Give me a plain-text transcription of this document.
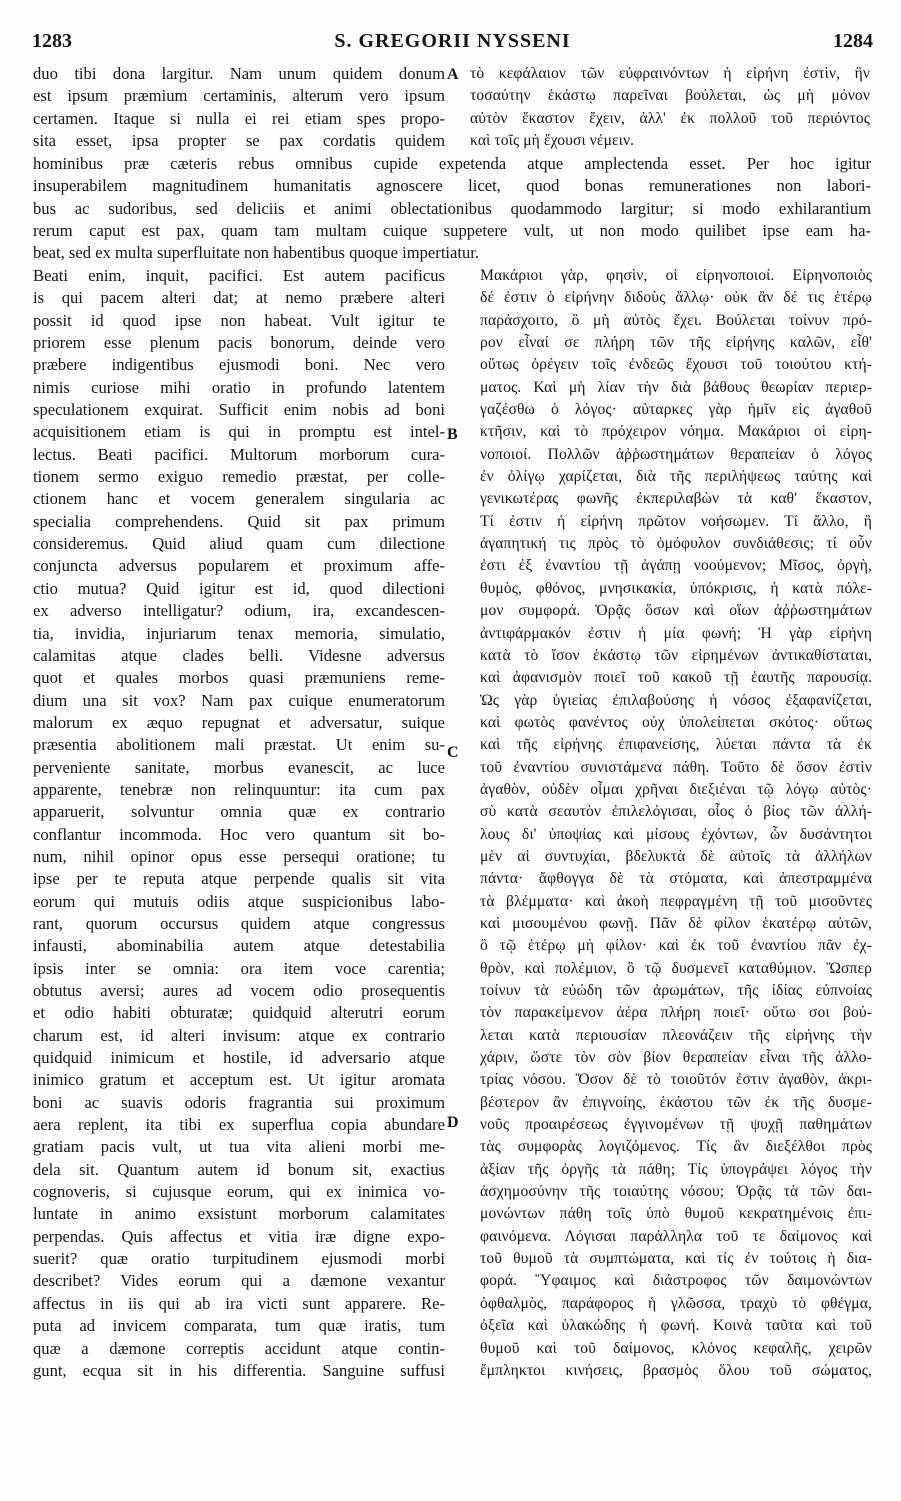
1283	S. GREGORII NYSSENI	1284
duo tibi dona largitur. Nam unum quidem donum
est ipsum præmium certaminis, alterum vero ipsum
certamen. Itaque si nulla ei rei etiam spes propo-
sita esset, ipsa propter se pax cordatis quidem
τὸ κεφάλαιον τῶν εὐφραινόντων ἡ εἰρήνη ἐστὶν, ἣν
τοσαύτην ἑκάστῳ παρεῖναι βούλεται, ὡς μὴ μόνον
αὐτὸν ἕκαστον ἔχειν, ἀλλ' ἐκ πολλοῦ τοῦ περιόντος
καὶ τοῖς μὴ ἔχουσι νέμειν.
hominibus præ cæteris rebus omnibus cupide expetenda atque amplectenda esset. Per hoc igitur
insuperabilem magnitudinem humanitatis agnoscere licet, quod bonas remunerationes non labori-
bus ac sudoribus, sed deliciis et animi oblectationibus quodammodo largitur; si modo exhilarantium
rerum caput est pax, quam tam multam cuique suppetere vult, ut non modo quilibet ipse eam ha-
beat, sed ex multa superfluitate non habentibus quoque impertiatur.
Beati enim, inquit, pacifici. Est autem pacificus
is qui pacem alteri dat; at nemo præbere alteri
possit id quod ipse non habeat. Vult igitur te
priorem esse plenum pacis bonorum, deinde vero
præbere indigentibus ejusmodi boni. Nec vero
nimis curiose mihi oratio in profundo latentem
speculationem exquirat. Sufficit enim nobis ad boni
acquisitionem etiam is qui in promptu est intel-
lectus. Beati pacifici. Multorum morborum cura-
tionem sermo exiguo remedio præstat, per colle-
ctionem hanc et vocem generalem singularia ac
specialia comprehendens. Quid sit pax primum
consideremus. Quid aliud quam cum dilectione
conjuncta adversus popularem et proximum affe-
ctio mutua? Quid igitur est id, quod dilectioni
ex adverso intelligatur? odium, ira, excandescen-
tia, invidia, injuriarum tenax memoria, simulatio,
calamitas atque clades belli. Videsne adversus
quot et quales morbos quasi præmuniens reme-
dium una sit vox? Nam pax cuique enumeratorum
malorum ex æquo repugnat et adversatur, suique
præsentia abolitionem mali præstat. Ut enim su-
perveniente sanitate, morbus evanescit, ac luce
apparente, tenebræ non relinquuntur: ita cum pax
apparuerit, solvuntur omnia quæ ex contrario
conflantur incommoda. Hoc vero quantum sit bo-
num, nihil opinor opus esse persequi oratione; tu
ipse per te reputa atque perpende qualis sit vita
eorum qui mutuis odiis atque suspicionibus labo-
rant, quorum occursus quidem atque congressus
infausti, abominabilia autem atque detestabilia
ipsis inter se omnia: ora item voce carentia;
obtutus aversi; aures ad vocem odio prosequentis
et odio habiti obturatæ; quidquid alterutri eorum
charum est, id alteri invisum: atque ex contrario
quidquid inimicum et hostile, id adversario atque
inimico gratum et acceptum est. Ut igitur aromata
boni ac suavis odoris fragrantia sui proximum
aera replent, ita tibi ex superflua copia abundare
gratiam pacis vult, ut tua vita alieni morbi me-
dela sit. Quantum autem id bonum sit, exactius
cognoveris, si cujusque eorum, qui ex inimica vo-
luntate in animo exsistunt morborum calamitates
perpendas. Quis affectus et vitia iræ digne expo-
suerit? quæ oratio turpitudinem ejusmodi morbi
describet? Vides eorum qui a dæmone vexantur
affectus in iis qui ab ira victi sunt apparere. Re-
puta ad invicem comparata, tum quæ iratis, tum
quæ a dæmone correptis accidunt atque contin-
gunt, ecqua sit in his differentia. Sanguine suffusi
Μακάριοι γὰρ, φησὶν, οἱ εἰρηνοποιοί. Εἰρηνοποιὸς
δέ ἐστιν ὁ εἰρήνην διδοὺς ἄλλῳ· οὐκ ἂν δέ τις ἑτέρῳ
παράσχοιτο, ὃ μὴ αὐτὸς ἔχει. Βούλεται τοίνυν πρό-
ρον εἶναί σε πλήρη τῶν τῆς εἰρήνης καλῶν, εἶθ'
οὕτως ὀρέγειν τοῖς ἐνδεῶς ἔχουσι τοῦ τοιούτου κτή-
ματος. Καὶ μὴ λίαν τὴν διὰ βάθους θεωρίαν περιερ-
γαζέσθω ὁ λόγος· αὐταρκες γὰρ ἡμῖν εἰς ἀγαθοῦ
κτῆσιν, καὶ τὸ πρόχειρον νόημα. Μακάριοι οἱ εἰρη-
νοποιοί. Πολλῶν ἀῤῥωστημάτων θεραπείαν ὁ λόγος
ἐν ὀλίγῳ χαρίζεται, διὰ τῆς περιλήψεως ταύτης καὶ
γενικωτέρας φωνῆς ἐκπεριλαβὼν τὰ καθ' ἕκαστον,
Τί ἐστιν ἡ εἰρήνη πρῶτον νοήσωμεν. Τί ἄλλο, ἢ
ἀγαπητική τις πρὸς τὸ ὁμόφυλον συνδιάθεσις; τί οὖν
ἐστι ἐξ ἐναντίου τῇ ἀγάπῃ νοούμενον; Μῖσος, ὀργὴ,
θυμὸς, φθόνος, μνησικακία, ὑπόκρισις, ἡ κατὰ πόλε-
μον συμφορά. Ὁρᾷς ὅσων καὶ οἵων ἀῤῥωστημάτων
ἀντιφάρμακόν ἐστιν ἡ μία φωνή; Ἡ γὰρ εἰρήνη
κατὰ τὸ ἴσον ἑκάστῳ τῶν εἰρημένων ἀντικαθίσταται,
καὶ ἀφανισμὸν ποιεῖ τοῦ κακοῦ τῇ ἑαυτῆς παρουσίᾳ.
Ὡς γὰρ ὑγιείας ἐπιλαβούσης ἡ νόσος ἐξαφανίζεται,
καὶ φωτὸς φανέντος οὐχ ὑπολείπεται σκότος· οὕτως
καὶ τῆς εἰρήνης ἐπιφανείσης, λύεται πάντα τὰ ἐκ
τοῦ ἐναντίου συνιστάμενα πάθη. Τοῦτο δὲ ὅσον ἐστὶν
ἀγαθὸν, οὐδὲν οἶμαι χρῆναι διεξιέναι τῷ λόγῳ αὐτὸς·
σὺ κατὰ σεαυτὸν ἐπιλελόγισαι, οἷος ὁ βίος τῶν ἀλλή-
λους δι' ὑποψίας καὶ μίσους ἐχόντων, ὧν δυσάντητοι
μὲν αἱ συντυχίαι, βδελυκτὰ δὲ αὐτοῖς τὰ ἀλλήλων
πάντα· ἄφθογγα δὲ τὰ στόματα, καὶ ἀπεστραμμένα
τὰ βλέμματα· καὶ ἀκοὴ πεφραγμένη τῇ τοῦ μισοῦντες
καὶ μισουμένου φωνῇ. Πᾶν δὲ φίλον ἑκατέρῳ αὐτῶν,
ὃ τῷ ἑτέρῳ μὴ φίλον· καὶ ἐκ τοῦ ἐναντίου πᾶν ἐχ-
θρὸν, καὶ πολέμιον, ὃ τῷ δυσμενεῖ καταθύμιον. Ὥσπερ
τοίνυν τὰ εὐώδη τῶν ἀρωμάτων, τῆς ἰδίας εὐπνοίας
τὸν παρακείμενον ἀέρα πλήρη ποιεῖ· οὕτω σοι βού-
λεται κατὰ περιουσίαν πλεονάζειν τῆς εἰρήνης τὴν
χάριν, ὥστε τὸν σὸν βίον θεραπείαν εἶναι τῆς ἀλλο-
τρίας νόσου. Ὅσον δὲ τὸ τοιοῦτόν ἐστιν ἀγαθὸν, ἀκρι-
βέστερον ἂν ἐπιγνοίης, ἑκάστου τῶν ἐκ τῆς δυσμε-
νοῦς προαιρέσεως ἐγγινομένων τῇ ψυχῇ παθημάτων
τὰς συμφορὰς λογιζόμενος. Τίς ἂν διεξέλθοι πρὸς
ἀξίαν τῆς ὀργῆς τὰ πάθη; Τίς ὑπογράψει λόγος τὴν
ἀσχημοσύνην τῆς τοιαύτης νόσου; Ὁρᾷς τὰ τῶν δαι-
μονώντων πάθη τοῖς ὑπὸ θυμοῦ κεκρατημένοις ἐπι-
φαινόμενα. Λόγισαι παράλληλα τοῦ τε δαίμονος καὶ
τοῦ θυμοῦ τὰ συμπτώματα, καὶ τίς ἐν τούτοις ἡ δια-
φορά. Ὕφαιμος καὶ διάστροφος τῶν δαιμονώντων
ὀφθαλμὸς, παράφορος ἡ γλῶσσα, τραχὺ τὸ φθέγμα,
ὀξεῖα καὶ ὑλακώδης ἡ φωνή. Κοινὰ ταῦτα καὶ τοῦ
θυμοῦ καὶ τοῦ δαίμονος, κλόνος κεφαλῆς, χειρῶν
ἔμπληκτοι κινήσεις, βρασμὸς ὅλου τοῦ σώματος,
A
B
C
D
